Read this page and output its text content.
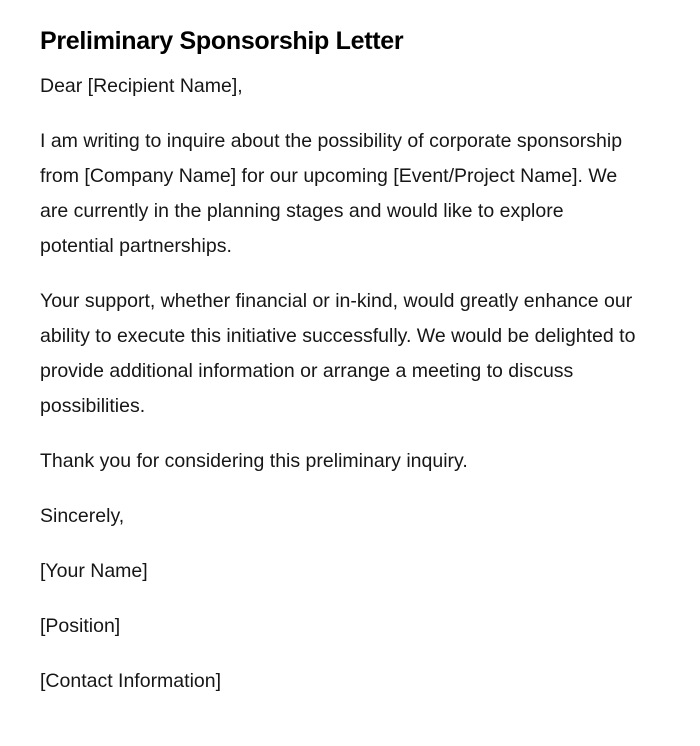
Preliminary Sponsorship Letter

Dear [Recipient Name],

I am writing to inquire about the possibility of corporate sponsorship from [Company Name] for our upcoming [Event/Project Name]. We are currently in the planning stages and would like to explore potential partnerships.

Your support, whether financial or in-kind, would greatly enhance our ability to execute this initiative successfully. We would be delighted to provide additional information or arrange a meeting to discuss possibilities.

Thank you for considering this preliminary inquiry.

Sincerely,

[Your Name]

[Position]

[Contact Information]
